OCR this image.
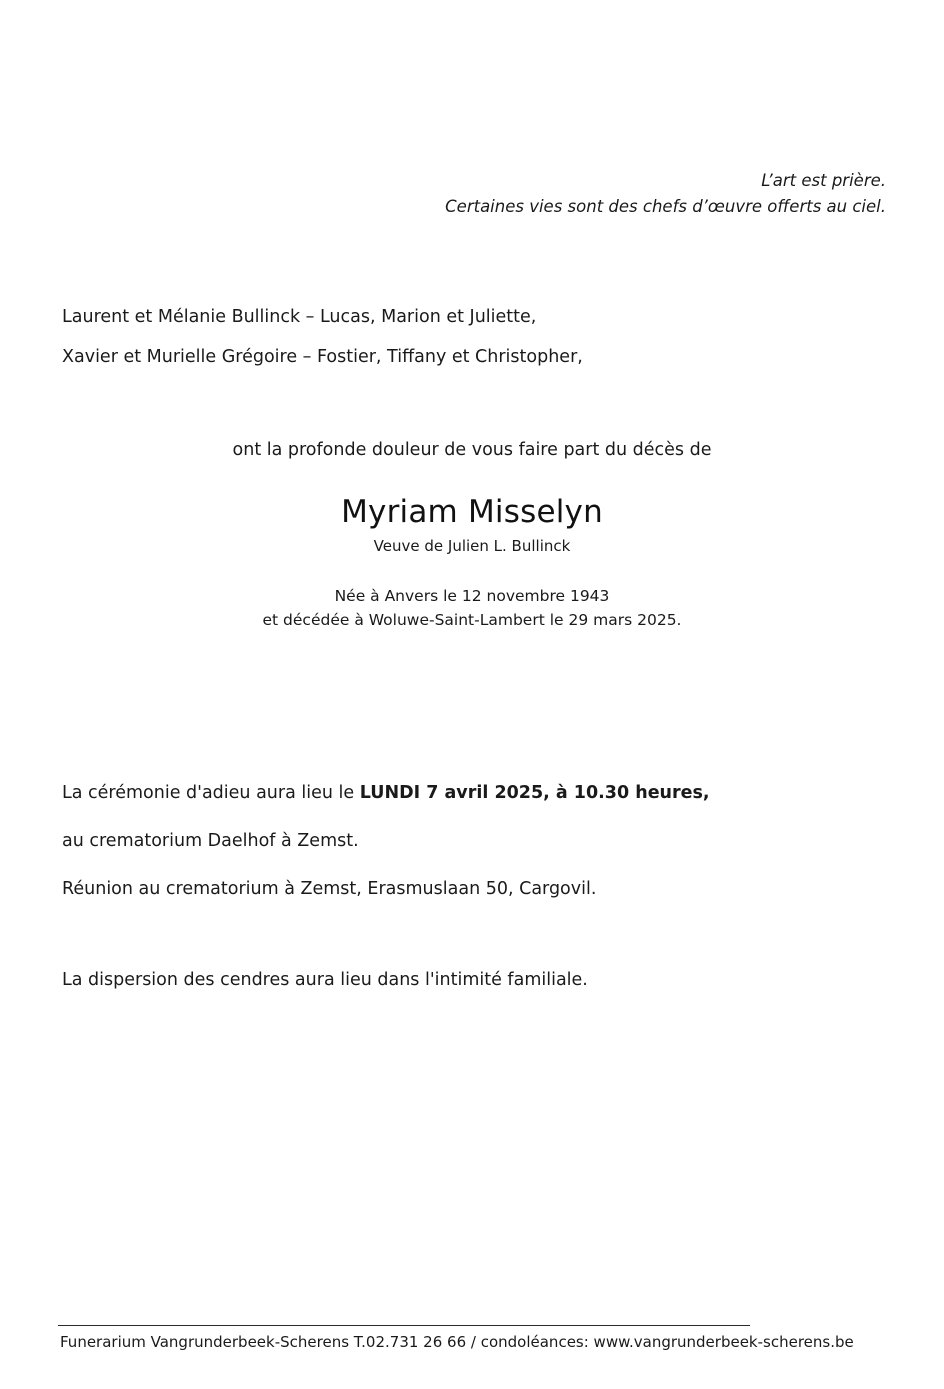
L’art est prière.
Certaines vies sont des chefs d’œuvre offerts au ciel.
Laurent et Mélanie Bullinck – Lucas, Marion et Juliette,
Xavier et Murielle Grégoire – Fostier, Tiffany et Christopher,
ont la profonde douleur de vous faire part du décès de
Myriam Misselyn
Veuve de Julien L. Bullinck
Née à Anvers le 12 novembre 1943
et décédée à Woluwe-Saint-Lambert le 29 mars 2025.
La cérémonie d'adieu aura lieu le LUNDI 7 avril 2025, à 10.30 heures,
au crematorium Daelhof à Zemst.
Réunion au crematorium à Zemst, Erasmuslaan 50, Cargovil.
La dispersion des cendres aura lieu dans l'intimité familiale.
Funerarium Vangrunderbeek-Scherens T.02.731 26 66 / condoléances: www.vangrunderbeek-scherens.be
